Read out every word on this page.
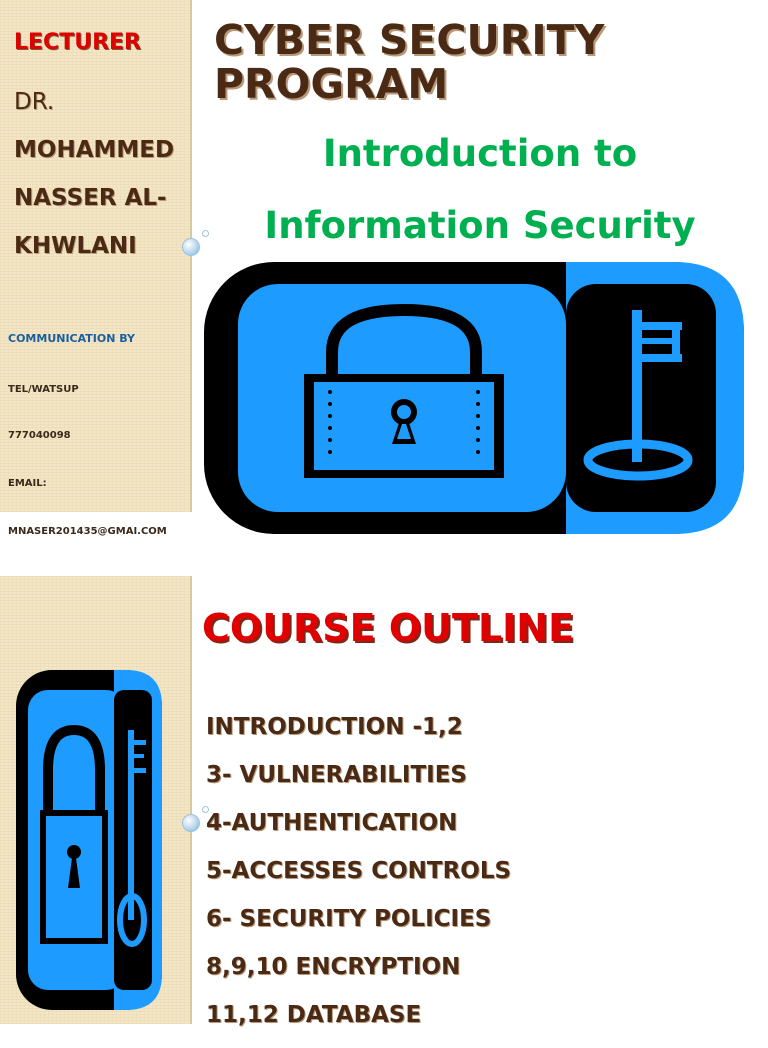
LECTURER
DR.
MOHAMMED NASSER AL-KHWLANI
COMMUNICATION BY
TEL/WATSUP
777040098
EMAIL:
MNASER201435@GMAI.COM
CYBER SECURITY
PROGRAM
Introduction to
Information Security
COURSE OUTLINE
INTRODUCTION -1,2
3- VULNERABILITIES
4-AUTHENTICATION
5-ACCESSES CONTROLS
6- SECURITY POLICIES
8,9,10 ENCRYPTION
11,12 DATABASE
